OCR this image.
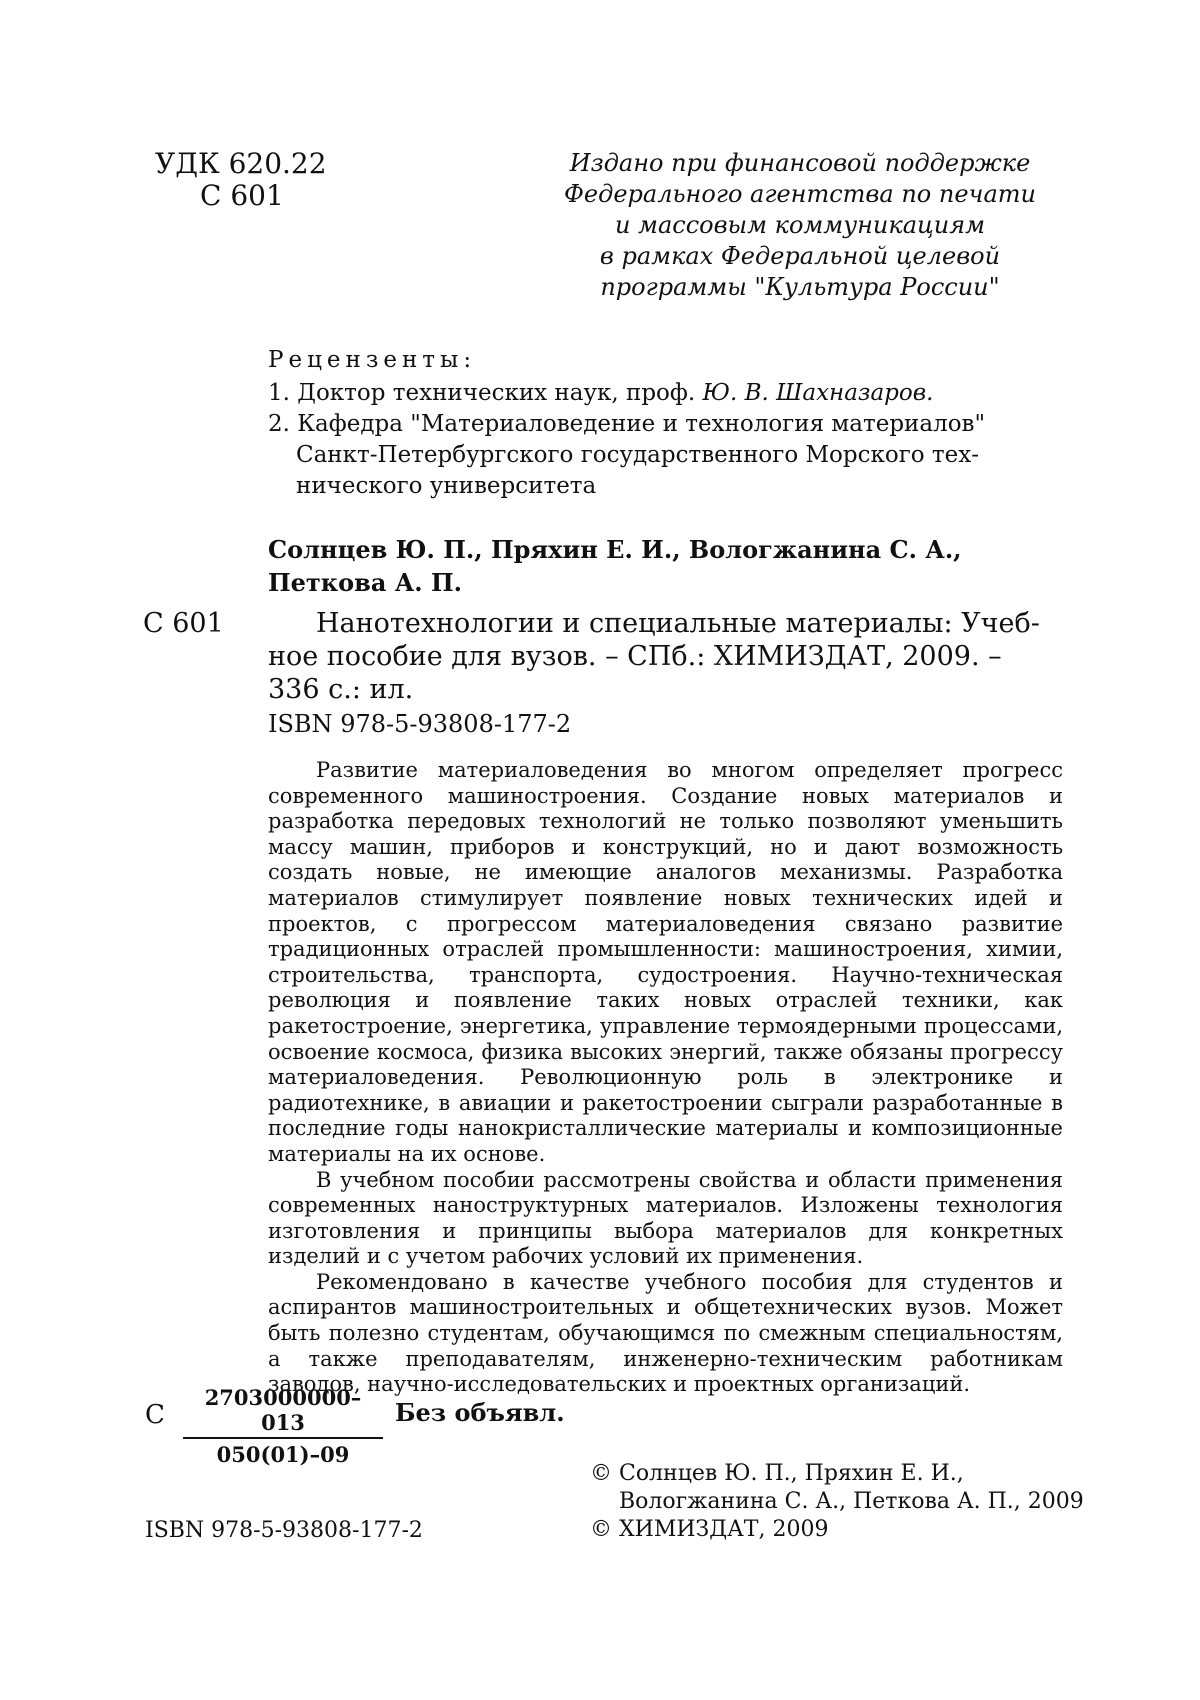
УДК 620.22
С 601
Издано при финансовой поддержке
Федерального агентства по печати
и массовым коммуникациям
в рамках Федеральной целевой
программы "Культура России"
Рецензенты:
1. Доктор технических наук, проф. Ю. В. Шахназаров.
2. Кафедра "Материаловедение и технология материалов"
Санкт-Петербургского государственного Морского тех-
нического университета
Солнцев Ю. П., Пряхин Е. И., Вологжанина С. А.,
Петкова А. П.
С 601	Нанотехнологии и специальные материалы: Учеб-
ное пособие для вузов. – СПб.: ХИМИЗДАТ, 2009. –
336 с.: ил.
ISBN 978-5-93808-177-2

Развитие материаловедения во многом определяет прогресс современного машиностроения. Создание новых материалов и разработка передовых технологий не только позволяют уменьшить массу машин, приборов и конструкций, но и дают возможность создать новые, не имеющие аналогов механизмы. Разработка материалов стимулирует появление новых технических идей и проектов, с прогрессом материаловедения связано развитие традиционных отраслей промышленности: машиностроения, химии, строительства, транспорта, судостроения. Научно-техническая революция и появление таких новых отраслей техники, как ракетостроение, энергетика, управление термоядерными процессами, освоение космоса, физика высоких энергий, также обязаны прогрессу материаловедения. Революционную роль в электронике и радиотехнике, в авиации и ракетостроении сыграли разработанные в последние годы нанокристаллические материалы и композиционные материалы на их основе.

В учебном пособии рассмотрены свойства и области применения современных наноструктурных материалов. Изложены технология изготовления и принципы выбора материалов для конкретных изделий и с учетом рабочих условий их применения.

Рекомендовано в качестве учебного пособия для студентов и аспирантов машиностроительных и общетехнических вузов. Может быть полезно студентам, обучающимся по смежным специальностям, а также преподавателям, инженерно-техническим работникам заводов, научно-исследовательских и проектных организаций.

С $\frac{2703000000-013}{050(01)-09}$ Без объявл.
© Солнцев Ю. П., Пряхин Е. И.,
Вологжанина С. А., Петкова А. П., 2009
© ХИМИЗДАТ, 2009
ISBN 978-5-93808-177-2
